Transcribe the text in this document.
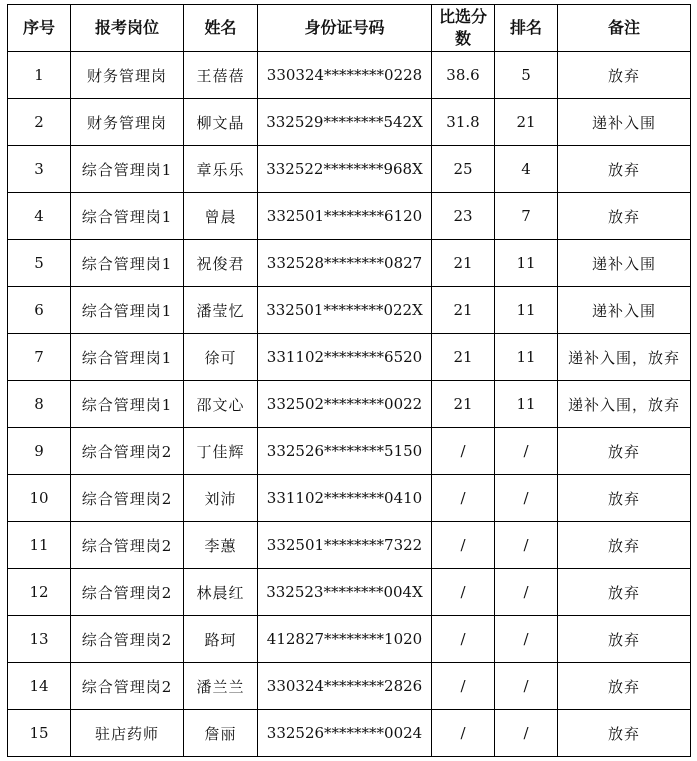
序号	报考岗位	姓名	身份证号码	比选分数	排名	备注
1	财务管理岗	王蓓蓓	330324********0228	38.6	5	放弃
2	财务管理岗	柳文晶	332529********542X	31.8	21	递补入围
3	综合管理岗1	章乐乐	332522********968X	25	4	放弃
4	综合管理岗1	曾晨	332501********6120	23	7	放弃
5	综合管理岗1	祝俊君	332528********0827	21	11	递补入围
6	综合管理岗1	潘莹忆	332501********022X	21	11	递补入围
7	综合管理岗1	徐可	331102********6520	21	11	递补入围，放弃
8	综合管理岗1	邵文心	332502********0022	21	11	递补入围，放弃
9	综合管理岗2	丁佳辉	332526********5150	/	/	放弃
10	综合管理岗2	刘沛	331102********0410	/	/	放弃
11	综合管理岗2	李蕙	332501********7322	/	/	放弃
12	综合管理岗2	林晨红	332523********004X	/	/	放弃
13	综合管理岗2	路珂	412827********1020	/	/	放弃
14	综合管理岗2	潘兰兰	330324********2826	/	/	放弃
15	驻店药师	詹丽	332526********0024	/	/	放弃
